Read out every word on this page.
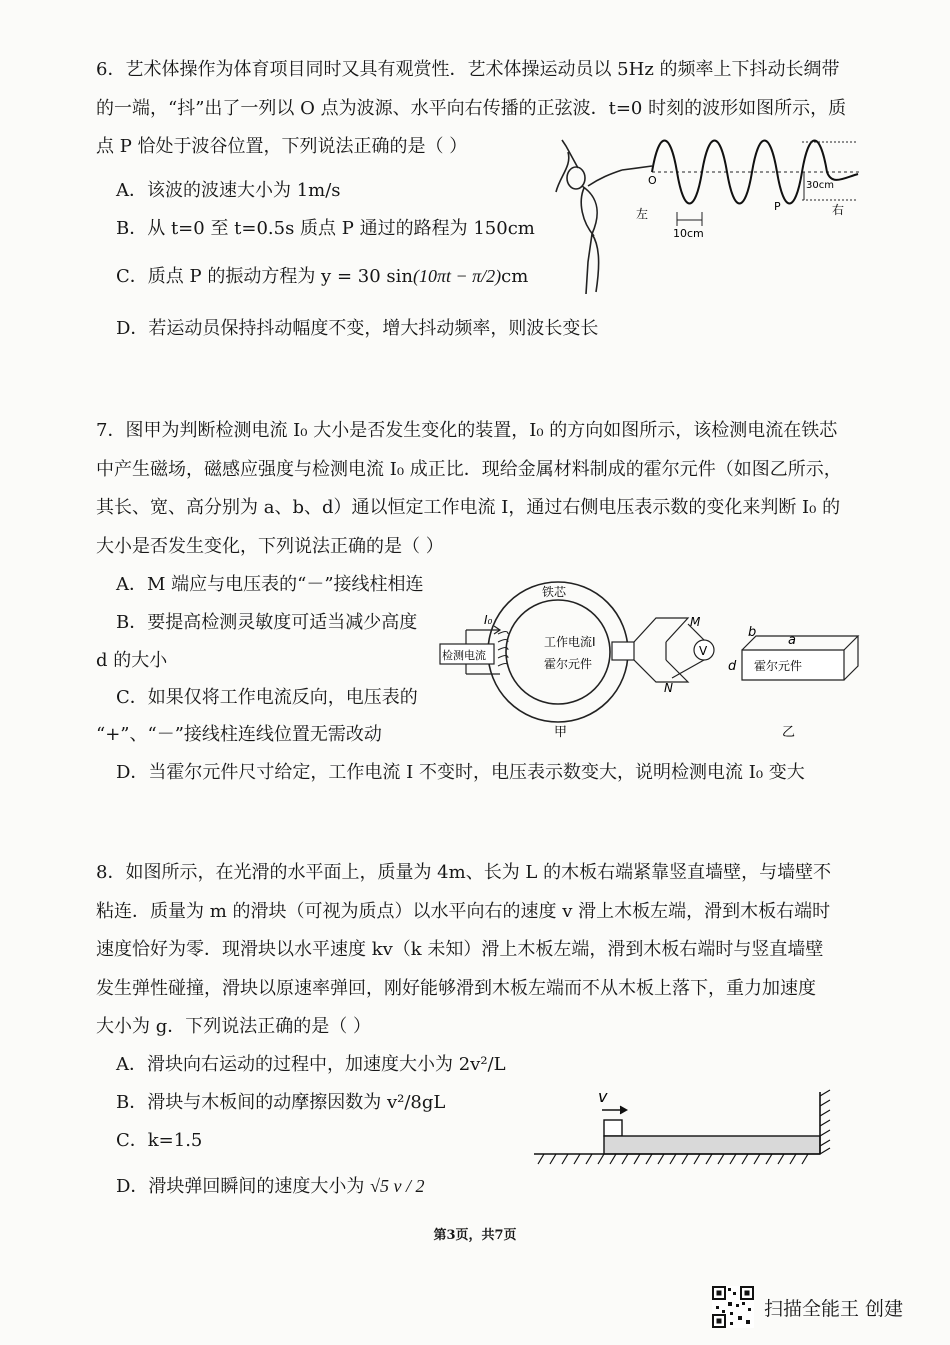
6．艺术体操作为体育项目同时又具有观赏性．艺术体操运动员以 5Hz 的频率上下抖动长绸带
的一端，“抖”出了一列以 O 点为波源、水平向右传播的正弦波．t=0 时刻的波形如图所示，质
点 P 恰处于波谷位置，下列说法正确的是（ ）
A．该波的波速大小为 1m/s
B．从 t=0 至 t=0.5s 质点 P 通过的路程为 150cm
C．质点 P 的振动方程为 y = 30 sin(10πt − π/2)cm
D．若运动员保持抖动幅度不变，增大抖动频率，则波长变长
O
左	右
P
30cm
10cm
7．图甲为判断检测电流 I₀ 大小是否发生变化的装置，I₀ 的方向如图所示，该检测电流在铁芯
中产生磁场，磁感应强度与检测电流 I₀ 成正比．现给金属材料制成的霍尔元件（如图乙所示，
其长、宽、高分别为 a、b、d）通以恒定工作电流 I，通过右侧电压表示数的变化来判断 I₀ 的
大小是否发生变化，下列说法正确的是（ ）
A．M 端应与电压表的“－”接线柱相连
B．要提高检测灵敏度可适当减少高度
d 的大小
C．如果仅将工作电流反向，电压表的
“+”、“－”接线柱连线位置无需改动
D．当霍尔元件尺寸给定，工作电流 I 不变时，电压表示数变大，说明检测电流 I₀ 变大
铁芯
检测电流
I₀
V
M
N
工作电流I
霍尔元件
甲
b
a
d 霍尔元件
乙
8．如图所示，在光滑的水平面上，质量为 4m、长为 L 的木板右端紧靠竖直墙壁，与墙壁不
粘连．质量为 m 的滑块（可视为质点）以水平向右的速度 v 滑上木板左端，滑到木板右端时
速度恰好为零．现滑块以水平速度 kv（k 未知）滑上木板左端，滑到木板右端时与竖直墙壁
发生弹性碰撞，滑块以原速率弹回，刚好能够滑到木板左端而不从木板上落下，重力加速度
大小为 g．下列说法正确的是（ ）
A．滑块向右运动的过程中，加速度大小为 2v²/L
B．滑块与木板间的动摩擦因数为 v²/8gL
C．k=1.5
D．滑块弹回瞬间的速度大小为 √5 v / 2
v
第3页，共7页
扫描全能王 创建
